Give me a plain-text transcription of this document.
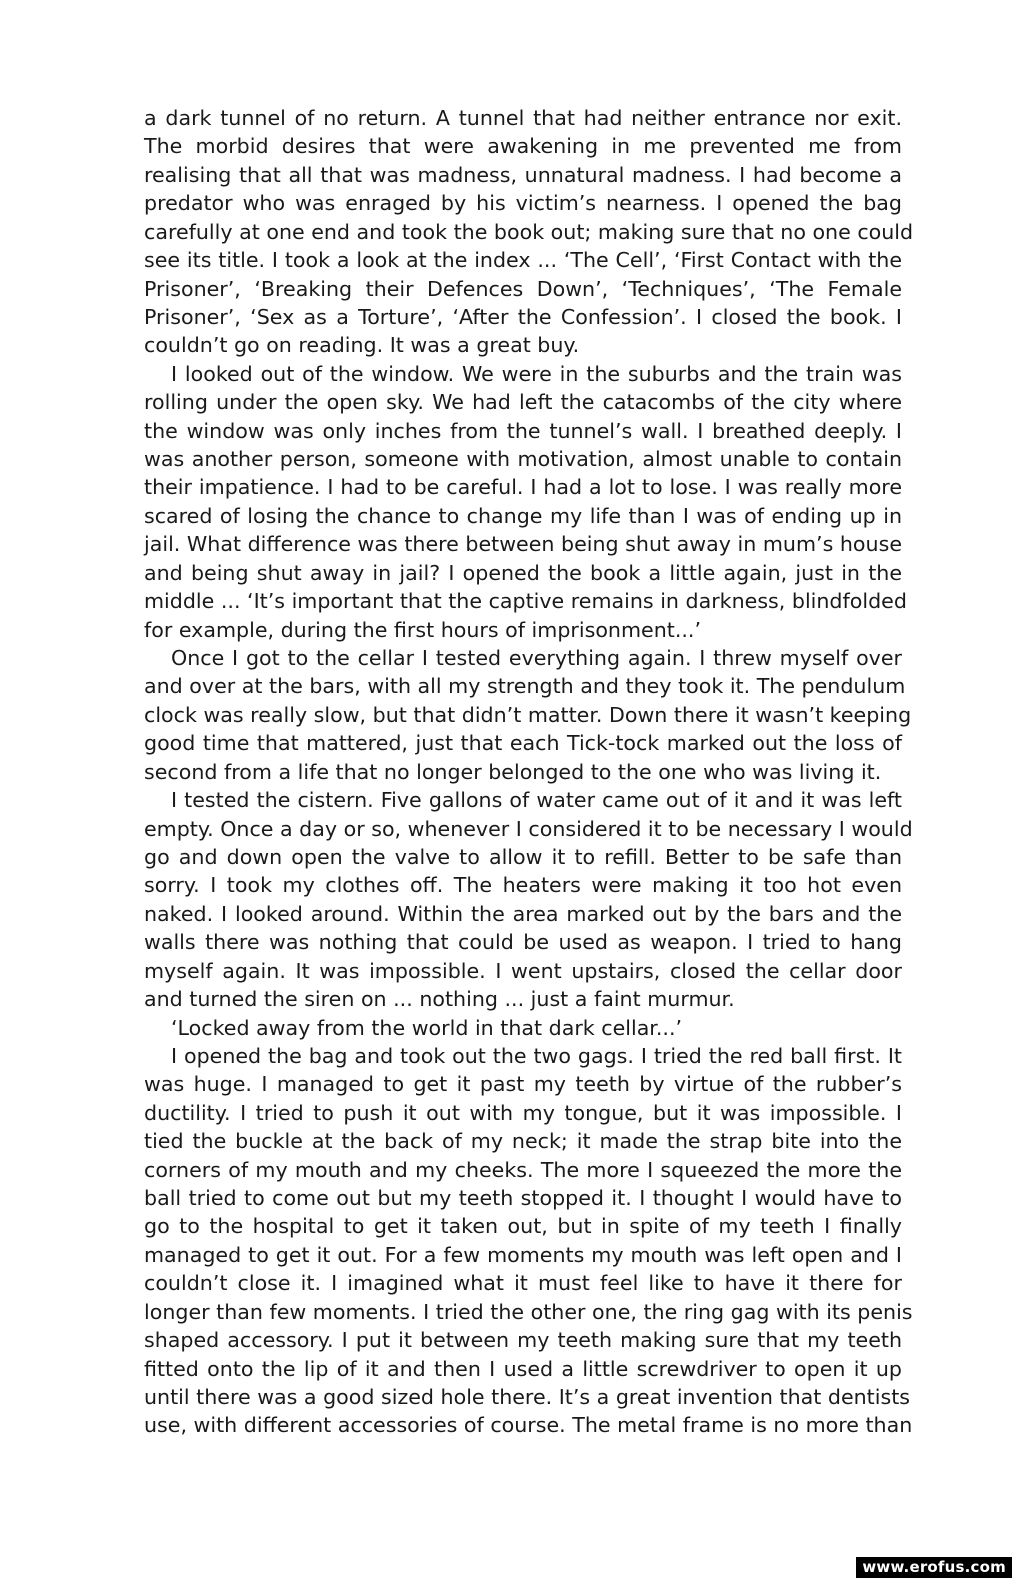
a dark tunnel of no return. A tunnel that had neither entrance nor exit.
The morbid desires that were awakening in me prevented me from
realising that all that was madness, unnatural madness. I had become a
predator who was enraged by his victim’s nearness. I opened the bag
carefully at one end and took the book out; making sure that no one could
see its title. I took a look at the index ... ‘The Cell’, ‘First Contact with the
Prisoner’, ‘Breaking their Defences Down’, ‘Techniques’, ‘The Female
Prisoner’, ‘Sex as a Torture’, ‘After the Confession’. I closed the book. I
couldn’t go on reading. It was a great buy.
I looked out of the window. We were in the suburbs and the train was
rolling under the open sky. We had left the catacombs of the city where
the window was only inches from the tunnel’s wall. I breathed deeply. I
was another person, someone with motivation, almost unable to contain
their impatience. I had to be careful. I had a lot to lose. I was really more
scared of losing the chance to change my life than I was of ending up in
jail. What difference was there between being shut away in mum’s house
and being shut away in jail? I opened the book a little again, just in the
middle ... ‘It’s important that the captive remains in darkness, blindfolded
for example, during the first hours of imprisonment...’
Once I got to the cellar I tested everything again. I threw myself over
and over at the bars, with all my strength and they took it. The pendulum
clock was really slow, but that didn’t matter. Down there it wasn’t keeping
good time that mattered, just that each Tick-tock marked out the loss of
second from a life that no longer belonged to the one who was living it.
I tested the cistern. Five gallons of water came out of it and it was left
empty. Once a day or so, whenever I considered it to be necessary I would
go and down open the valve to allow it to refill. Better to be safe than
sorry. I took my clothes off. The heaters were making it too hot even
naked. I looked around. Within the area marked out by the bars and the
walls there was nothing that could be used as weapon. I tried to hang
myself again. It was impossible. I went upstairs, closed the cellar door
and turned the siren on ... nothing ... just a faint murmur.
‘Locked away from the world in that dark cellar...’
I opened the bag and took out the two gags. I tried the red ball first. It
was huge. I managed to get it past my teeth by virtue of the rubber’s
ductility. I tried to push it out with my tongue, but it was impossible. I
tied the buckle at the back of my neck; it made the strap bite into the
corners of my mouth and my cheeks. The more I squeezed the more the
ball tried to come out but my teeth stopped it. I thought I would have to
go to the hospital to get it taken out, but in spite of my teeth I finally
managed to get it out. For a few moments my mouth was left open and I
couldn’t close it. I imagined what it must feel like to have it there for
longer than few moments. I tried the other one, the ring gag with its penis
shaped accessory. I put it between my teeth making sure that my teeth
fitted onto the lip of it and then I used a little screwdriver to open it up
until there was a good sized hole there. It’s a great invention that dentists
use, with different accessories of course. The metal frame is no more than
www.erofus.com
